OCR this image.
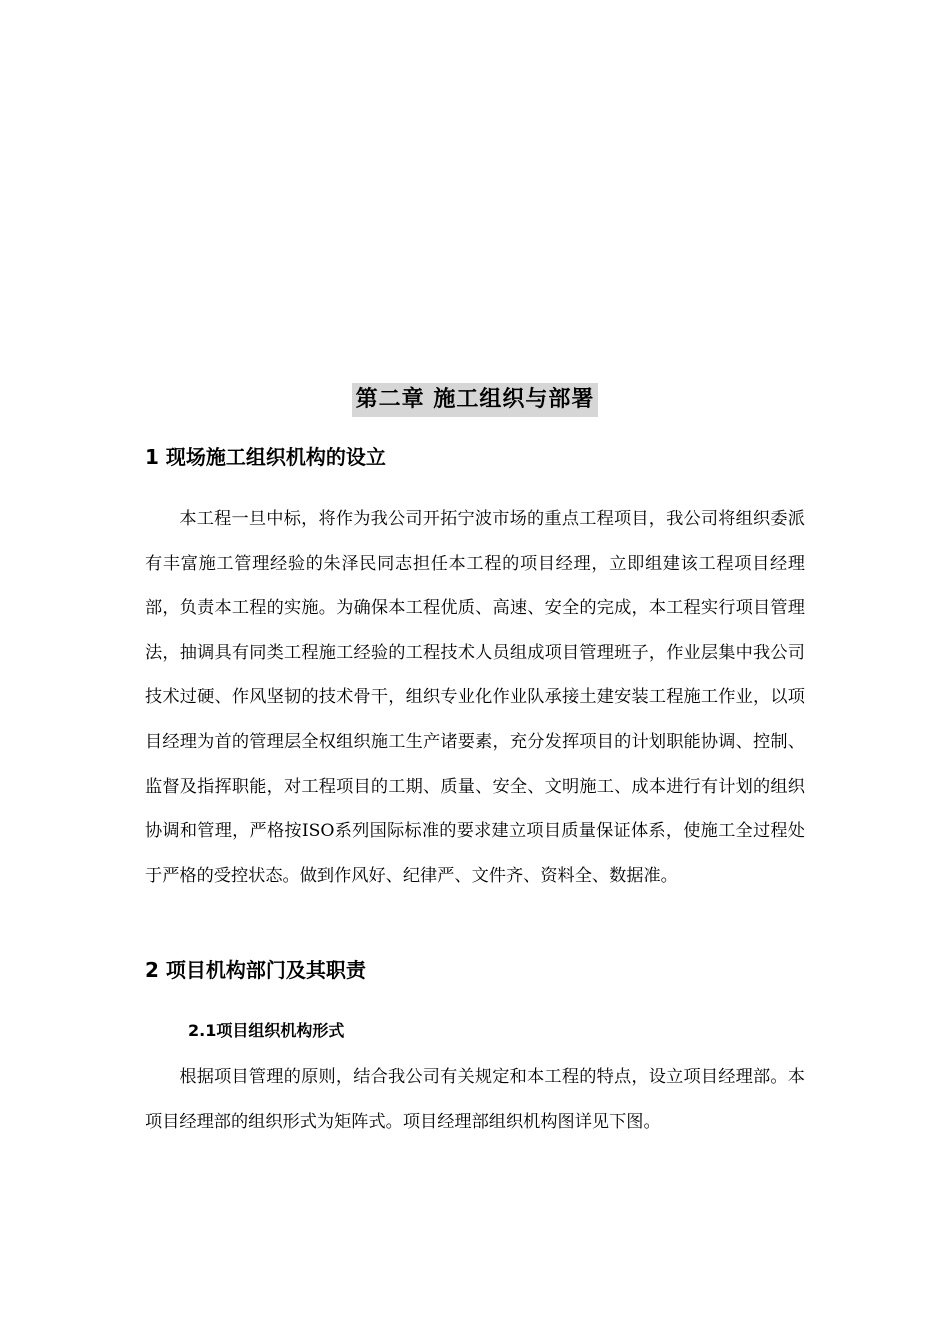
第二章 施工组织与部署
1 现场施工组织机构的设立

本工程一旦中标，将作为我公司开拓宁波市场的重点工程项目，我公司将组织委派有丰富施工管理经验的朱泽民同志担任本工程的项目经理，立即组建该工程项目经理部，负责本工程的实施。为确保本工程优质、高速、安全的完成，本工程实行项目管理法，抽调具有同类工程施工经验的工程技术人员组成项目管理班子，作业层集中我公司技术过硬、作风坚韧的技术骨干，组织专业化作业队承接土建安装工程施工作业，以项目经理为首的管理层全权组织施工生产诸要素，充分发挥项目的计划职能协调、控制、监督及指挥职能，对工程项目的工期、质量、安全、文明施工、成本进行有计划的组织协调和管理，严格按ISO系列国际标准的要求建立项目质量保证体系，使施工全过程处于严格的受控状态。做到作风好、纪律严、文件齐、资料全、数据准。

2 项目机构部门及其职责
2.1项目组织机构形式

根据项目管理的原则，结合我公司有关规定和本工程的特点，设立项目经理部。本项目经理部的组织形式为矩阵式。项目经理部组织机构图详见下图。
